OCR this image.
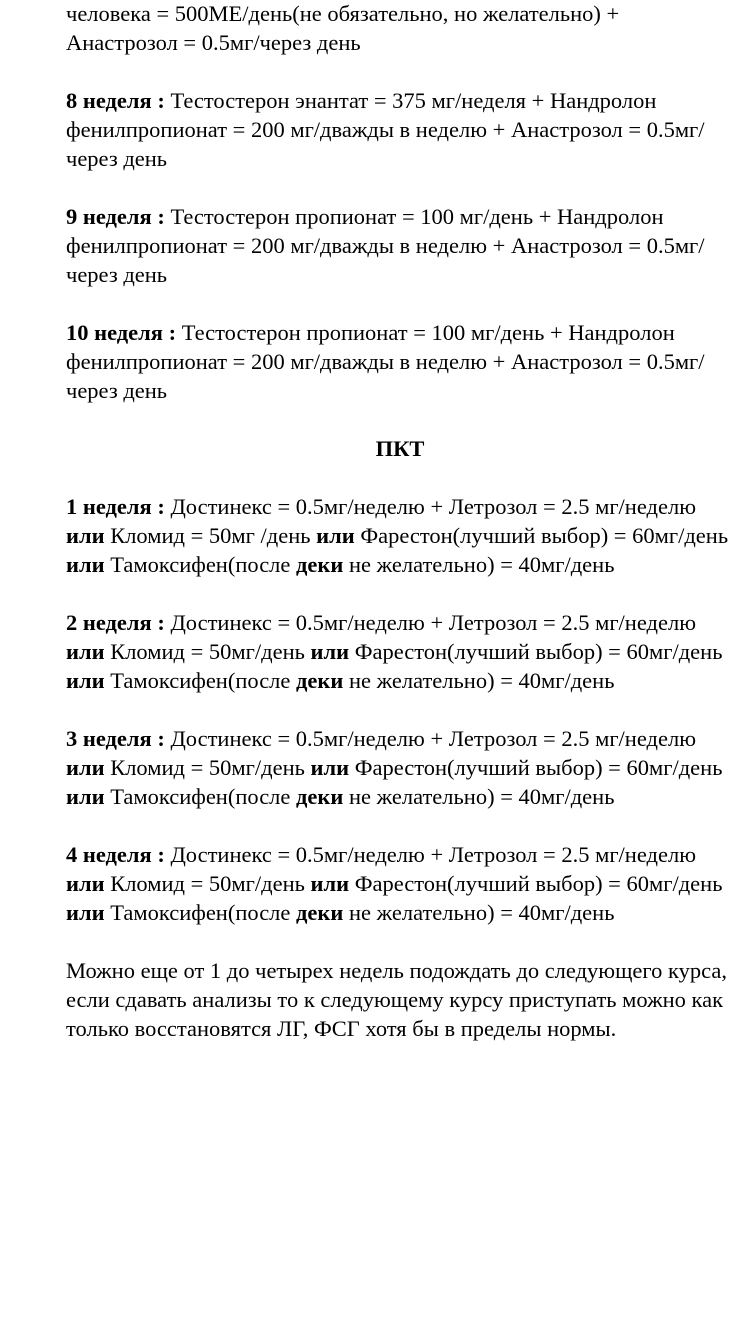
человека = 500МЕ/день(не обязательно, но желательно) +
Анастрозол = 0.5мг/через день

8 неделя : Тестостерон энантат = 375 мг/неделя + Нандролон фенилпропионат = 200 мг/дважды в неделю + Анастрозол = 0.5мг/через день

9 неделя : Тестостерон пропионат = 100 мг/день + Нандролон фенилпропионат = 200 мг/дважды в неделю + Анастрозол = 0.5мг/через день

10 неделя : Тестостерон пропионат = 100 мг/день + Нандролон фенилпропионат = 200 мг/дважды в неделю + Анастрозол = 0.5мг/через день

ПКТ

1 неделя : Достинекс = 0.5мг/неделю + Летрозол = 2.5 мг/неделю или Кломид = 50мг /день или Фарестон(лучший выбор) = 60мг/день или Тамоксифен(после деки не желательно) = 40мг/день

2 неделя : Достинекс = 0.5мг/неделю + Летрозол = 2.5 мг/неделю или Кломид = 50мг/день или Фарестон(лучший выбор) = 60мг/день или Тамоксифен(после деки не желательно) = 40мг/день

3 неделя : Достинекс = 0.5мг/неделю + Летрозол = 2.5 мг/неделю или Кломид = 50мг/день или Фарестон(лучший выбор) = 60мг/день или Тамоксифен(после деки не желательно) = 40мг/день

4 неделя : Достинекс = 0.5мг/неделю + Летрозол = 2.5 мг/неделю или Кломид = 50мг/день или Фарестон(лучший выбор) = 60мг/день или Тамоксифен(после деки не желательно) = 40мг/день

Можно еще от 1 до четырех недель подождать до следующего курса, если сдавать анализы то к следующему курсу приступать можно как только восстановятся ЛГ, ФСГ хотя бы в пределы нормы.
